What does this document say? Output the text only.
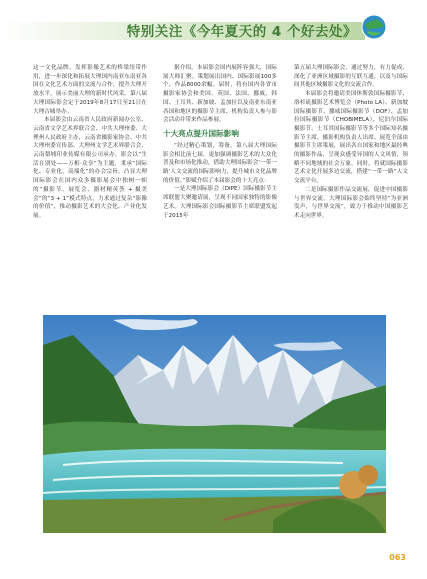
特别关注《今年夏天的 4 个好去处》

这一文化品牌，发挥影像艺术的桥梁纽带作用，进一步深化和拓展大理国内南亚东南亚各国在文化艺术方面的交流与合作，提升大理开放水平，展示美丽大理的新时代风采。第八届大理国际影会定于2019年8月17日至21日在大理古城举办。

本届影会由云南省人民政府新闻办公室、云南省文学艺术界联合会、中共大理州委、大理州人民政府主办，云南省摄影家协会、中共大理州委宣传部、大理州文学艺术界联合会、云南梨埔印业传媒有限公司承办。影会以“生活在别处——万相·众享”为主题，秉承“国际化、专业化、高端化”的办会宗旨，凸显大理国际影会在国内众多摄影展会中独树一帜的“摄影节、展览会、器材精英荟 + 摄美会”的“3 + 1”模式特点，力求通过复杂“影像的价值”，推动摄影艺术的大会化、产业化发展。

据介绍，本届影会国内展阵容强大，国际展大师汇聚。策划展出国内、国际影展100多个，作品8000余幅。届时，将有国内各省市摄影家协会和美国、英国、法国、挪威、韩国、土耳其、新加坡、孟加拉以及南亚东南亚各国和地区的摄影节主席、机构负责人参与影会活动并带来作品参展。

十大亮点提升国际影响

“经过精心策划，筹备，第八届大理国际影会相比前七届，更加强调摄影艺术的大众化普及和市场化推动，借助大理国际影会‘一带一路’人文交流的国际影响力，提升城市文化品牌的价值。”影赋介绍了本届影会的十大亮点：

一是大理国际影会（DIPE）国际摄影节主席联盟大聚邀请展，呈现不同国家独特的影像艺术。大理国际影会国际摄影节主席联盟发起于2015年

第五届大理国际影会，通过努力，有力促成、深化了亚洲区域摄影的互联互通，以及与国际间其他区域摄影文化的交流合作。

本届影会将邀请美国休斯敦国际摄影节、洛杉矶摄影艺术博览会（Photo LA）、新加坡国际摄影节、挪威国际摄影节（DOF）、孟加拉国际摄影节（CHOBIMELA）、尼泊尔国际摄影节、土耳其国际摄影节等多个国际知名摄影节主席、摄影机构负责人出席。展览全部由摄影节主席策展，展出各自国家和地区最经典的摄影作品，呈现众感受异国的人文风情，领略不同地域的社会万象。同时，将就国际摄影艺术文化开展多边交流，搭建“一带一路”人文交流平台。

二是国际摄影作品交流展，促进中国摄影与世界交流。大理国际影会始终坚持“为亚洲发声，与世界交流”，致力于推动中国摄影艺术走向世界。

063
